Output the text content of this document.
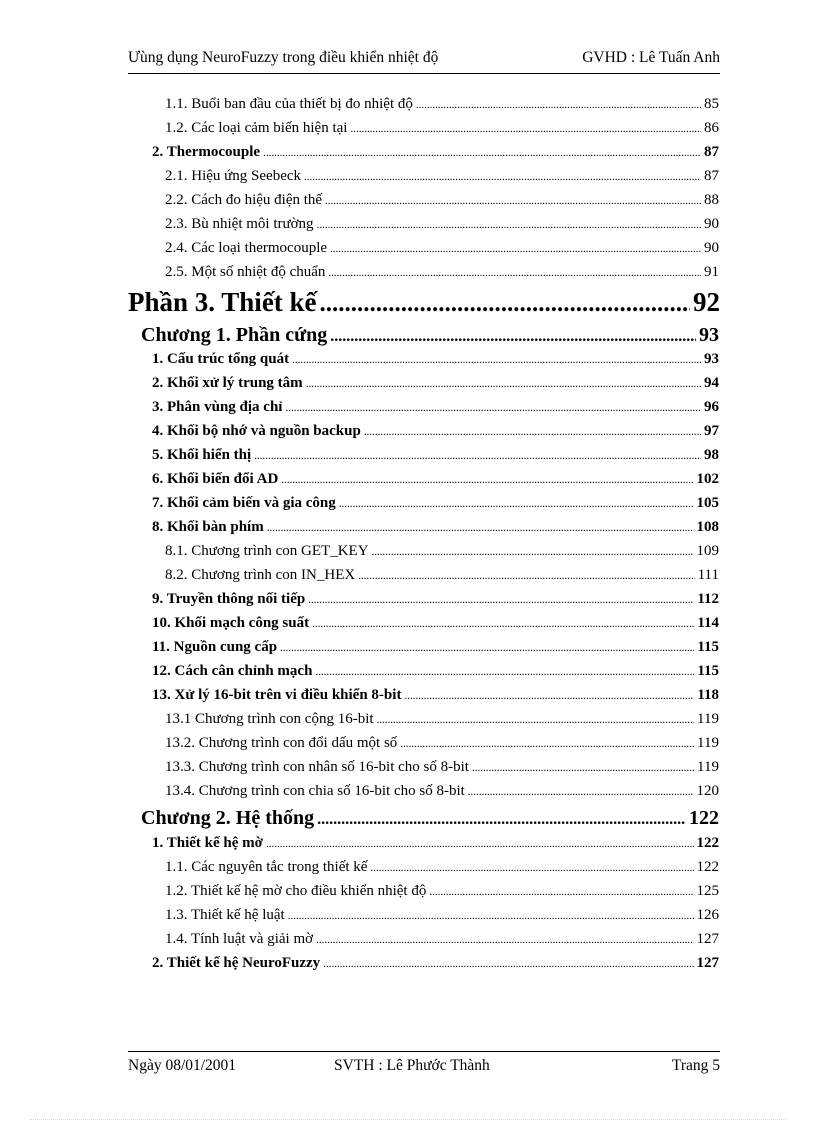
Ưùng dụng NeuroFuzzy trong điều khiển nhiệt độ	GVHD : Lê Tuấn Anh
1.1. Buổi ban đầu của thiết bị đo nhiệt độ .....	85
1.2. Các loại cảm biến hiện tại .....	86
2. Thermocouple .....	87
2.1. Hiệu ứng Seebeck .....	87
2.2. Cách đo hiệu điện thế .....	88
2.3. Bù nhiệt môi trường .....	90
2.4. Các loại thermocouple .....	90
2.5. Một số nhiệt độ chuẩn .....	91
Phần 3. Thiết kế .....	92
Chương 1. Phần cứng .....	93
1. Cấu trúc tổng quát .....	93
2. Khối xử lý trung tâm .....	94
3. Phân vùng địa chỉ .....	96
4. Khối bộ nhớ và nguồn backup .....	97
5. Khối hiển thị .....	98
6. Khối biến đổi AD .....	102
7. Khối cảm biến và gia công .....	105
8. Khối bàn phím .....	108
8.1. Chương trình con GET_KEY .....	109
8.2. Chương trình con IN_HEX .....	111
9. Truyền thông nối tiếp .....	112
10. Khối mạch công suất .....	114
11. Nguồn cung cấp .....	115
12. Cách cân chỉnh mạch .....	115
13. Xử lý 16-bit trên vi điều khiển 8-bit .....	118
13.1 Chương trình con cộng 16-bit .....	119
13.2. Chương trình con đổi dấu một số .....	119
13.3. Chương trình con nhân số 16-bit cho số 8-bit .....	119
13.4. Chương trình con chia số 16-bit cho số 8-bit .....	120
Chương 2. Hệ thống .....	122
1. Thiết kế hệ mờ .....	122
1.1. Các nguyên tắc trong thiết kế .....	122
1.2. Thiết kế hệ mờ cho điều khiển nhiệt độ .....	125
1.3. Thiết kế hệ luật .....	126
1.4. Tính luật và giải mờ .....	127
2. Thiết kế hệ NeuroFuzzy .....	127
Ngày 08/01/2001	SVTH : Lê Phước Thành	Trang 5
